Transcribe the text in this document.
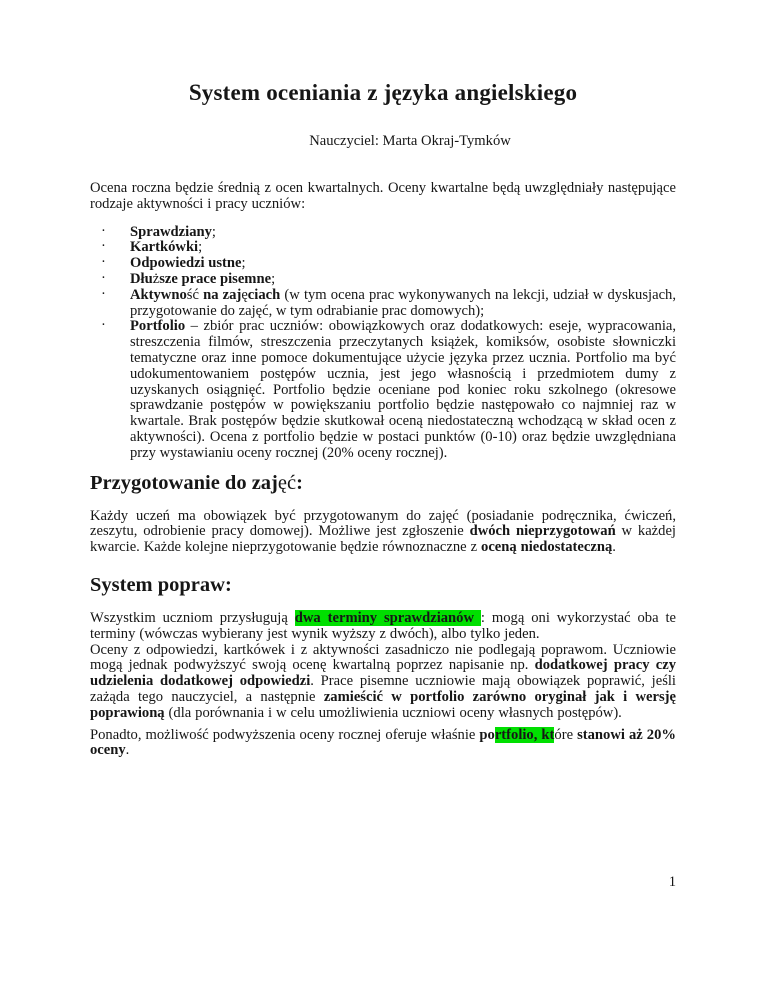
System oceniania z języka angielskiego
Nauczyciel: Marta Okraj-Tymków

Ocena roczna będzie średnią z ocen kwartalnych. Oceny kwartalne będą uwzględniały następujące rodzaje aktywności i pracy uczniów:

· Sprawdziany;
· Kartkówki;
· Odpowiedzi ustne;
· Dłuższe prace pisemne;
· Aktywność na zajęciach (w tym ocena prac wykonywanych na lekcji, udział w dyskusjach, przygotowanie do zajęć, w tym odrabianie prac domowych);
· Portfolio – zbiór prac uczniów: obowiązkowych oraz dodatkowych: eseje, wypracowania, streszczenia filmów, streszczenia przeczytanych książek, komiksów, osobiste słowniczki tematyczne oraz inne pomoce dokumentujące użycie języka przez ucznia. Portfolio ma być udokumentowaniem postępów ucznia, jest jego własnością i przedmiotem dumy z uzyskanych osiągnięć. Portfolio będzie oceniane pod koniec roku szkolnego (okresowe sprawdzanie postępów w powiększaniu portfolio będzie następowało co najmniej raz w kwartale. Brak postępów będzie skutkował oceną niedostateczną wchodzącą w skład ocen z aktywności). Ocena z portfolio będzie w postaci punktów (0-10) oraz będzie uwzględniana przy wystawianiu oceny rocznej (20% oceny rocznej).
Przygotowanie do zajęć:

Każdy uczeń ma obowiązek być przygotowanym do zajęć (posiadanie podręcznika, ćwiczeń, zeszytu, odrobienie pracy domowej). Możliwe jest zgłoszenie dwóch nieprzygotowań w każdej kwarcie. Każde kolejne nieprzygotowanie będzie równoznaczne z oceną niedostateczną.

System popraw:

Wszystkim uczniom przysługują dwa terminy sprawdzianów : mogą oni wykorzystać oba te terminy (wówczas wybierany jest wynik wyższy z dwóch), albo tylko jeden.
Oceny z odpowiedzi, kartkówek i z aktywności zasadniczo nie podlegają poprawom. Uczniowie mogą jednak podwyższyć swoją ocenę kwartalną poprzez napisanie np. dodatkowej pracy czy udzielenia dodatkowej odpowiedzi. Prace pisemne uczniowie mają obowiązek poprawić, jeśli zażąda tego nauczyciel, a następnie zamieścić w portfolio zarówno oryginał jak i wersję poprawioną (dla porównania i w celu umożliwienia uczniowi oceny własnych postępów).

Ponadto, możliwość podwyższenia oceny rocznej oferuje właśnie portfolio, które stanowi aż 20% oceny.

1
